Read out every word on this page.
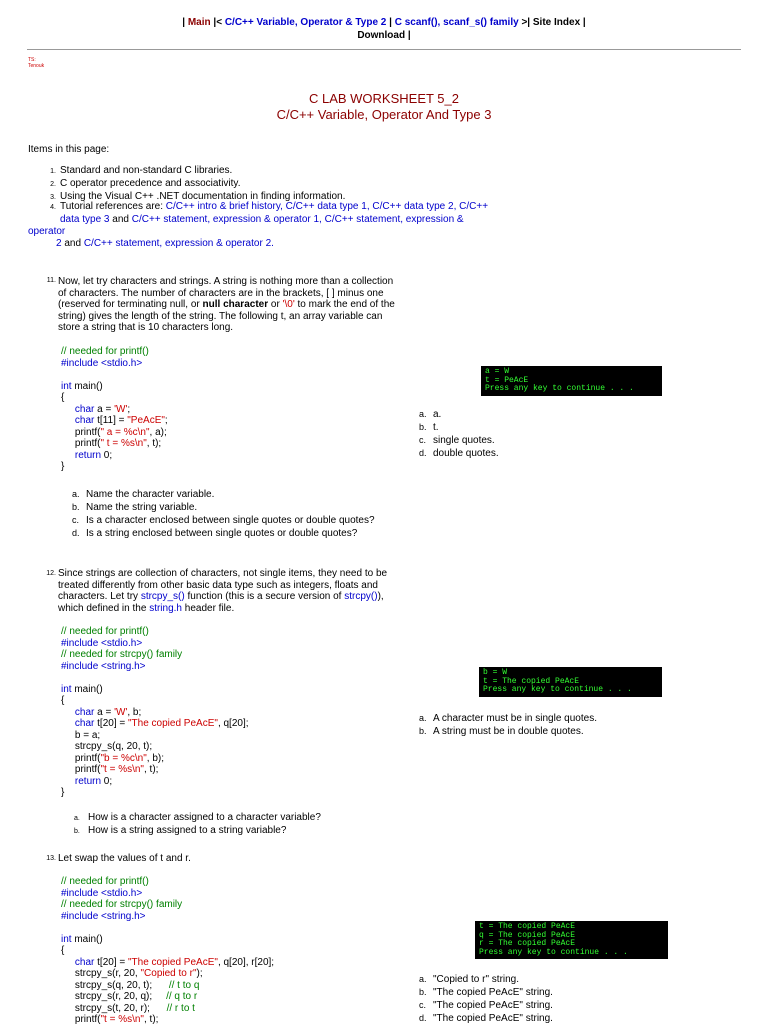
| Main |< C/C++ Variable, Operator & Type 2 | C scanf(), scanf_s() family >| Site Index |
Download |
TS:
Tenouk
C LAB WORKSHEET 5_2
C/C++ Variable, Operator And Type 3
Items in this page:
1. Standard and non-standard C libraries.
2. C operator precedence and associativity.
3. Using the Visual C++ .NET documentation in finding information.
4. Tutorial references are: C/C++ intro & brief history, C/C++ data type 1, C/C++ data type 2, C/C++
data type 3 and C/C++ statement, expression & operator 1, C/C++ statement, expression & operator
2 and C/C++ statement, expression & operator 2.
11. Now, let try characters and strings. A string is nothing more than a collection of characters. The number of characters are in the brackets, [ ] minus one (reserved for terminating null, or null character or '\0' to mark the end of the string) gives the length of the string. The following t, an array variable can store a string that is 10 characters long.
// needed for printf()
#include <stdio.h>

int main()
{
char a = 'W';
char t[11] = "PeAcE";
printf(" a = %c\n", a);
printf(" t = %s\n", t);
return 0;
}
a = W
t = PeAcE
Press any key to continue . . .
a. a.
b. t.
c. single quotes.
d. double quotes.
a. Name the character variable.
b. Name the string variable.
c. Is a character enclosed between single quotes or double quotes?
d. Is a string enclosed between single quotes or double quotes?
12. Since strings are collection of characters, not single items, they need to be treated differently from other basic data type such as integers, floats and characters. Let try strcpy_s() function (this is a secure version of strcpy()), which defined in the string.h header file.
// needed for printf()
#include <stdio.h>
// needed for strcpy() family
#include <string.h>

int main()
{
char a = 'W', b;
char t[20] = "The copied PeAcE", q[20];
b = a;
strcpy_s(q, 20, t);
printf("b = %c\n", b);
printf("t = %s\n", t);
return 0;
}
b = W
t = The copied PeAcE
Press any key to continue . . .
a. A character must be in single quotes.
b. A string must be in double quotes.
a. How is a character assigned to a character variable?
b. How is a string assigned to a string variable?
13. Let swap the values of t and r.
// needed for printf()
#include <stdio.h>
// needed for strcpy() family
#include <string.h>

int main()
{
char t[20] = "The copied PeAcE", q[20], r[20];
strcpy_s(r, 20, "Copied to r");
strcpy_s(q, 20, t); // t to q
strcpy_s(r, 20, q); // q to r
strcpy_s(t, 20, r); // r to t
printf("t = %s\n", t);
t = The copied PeAcE
q = The copied PeAcE
r = The copied PeAcE
Press any key to continue . . .
a. "Copied to r" string.
b. "The copied PeAcE" string.
c. "The copied PeAcE" string.
d. "The copied PeAcE" string.
